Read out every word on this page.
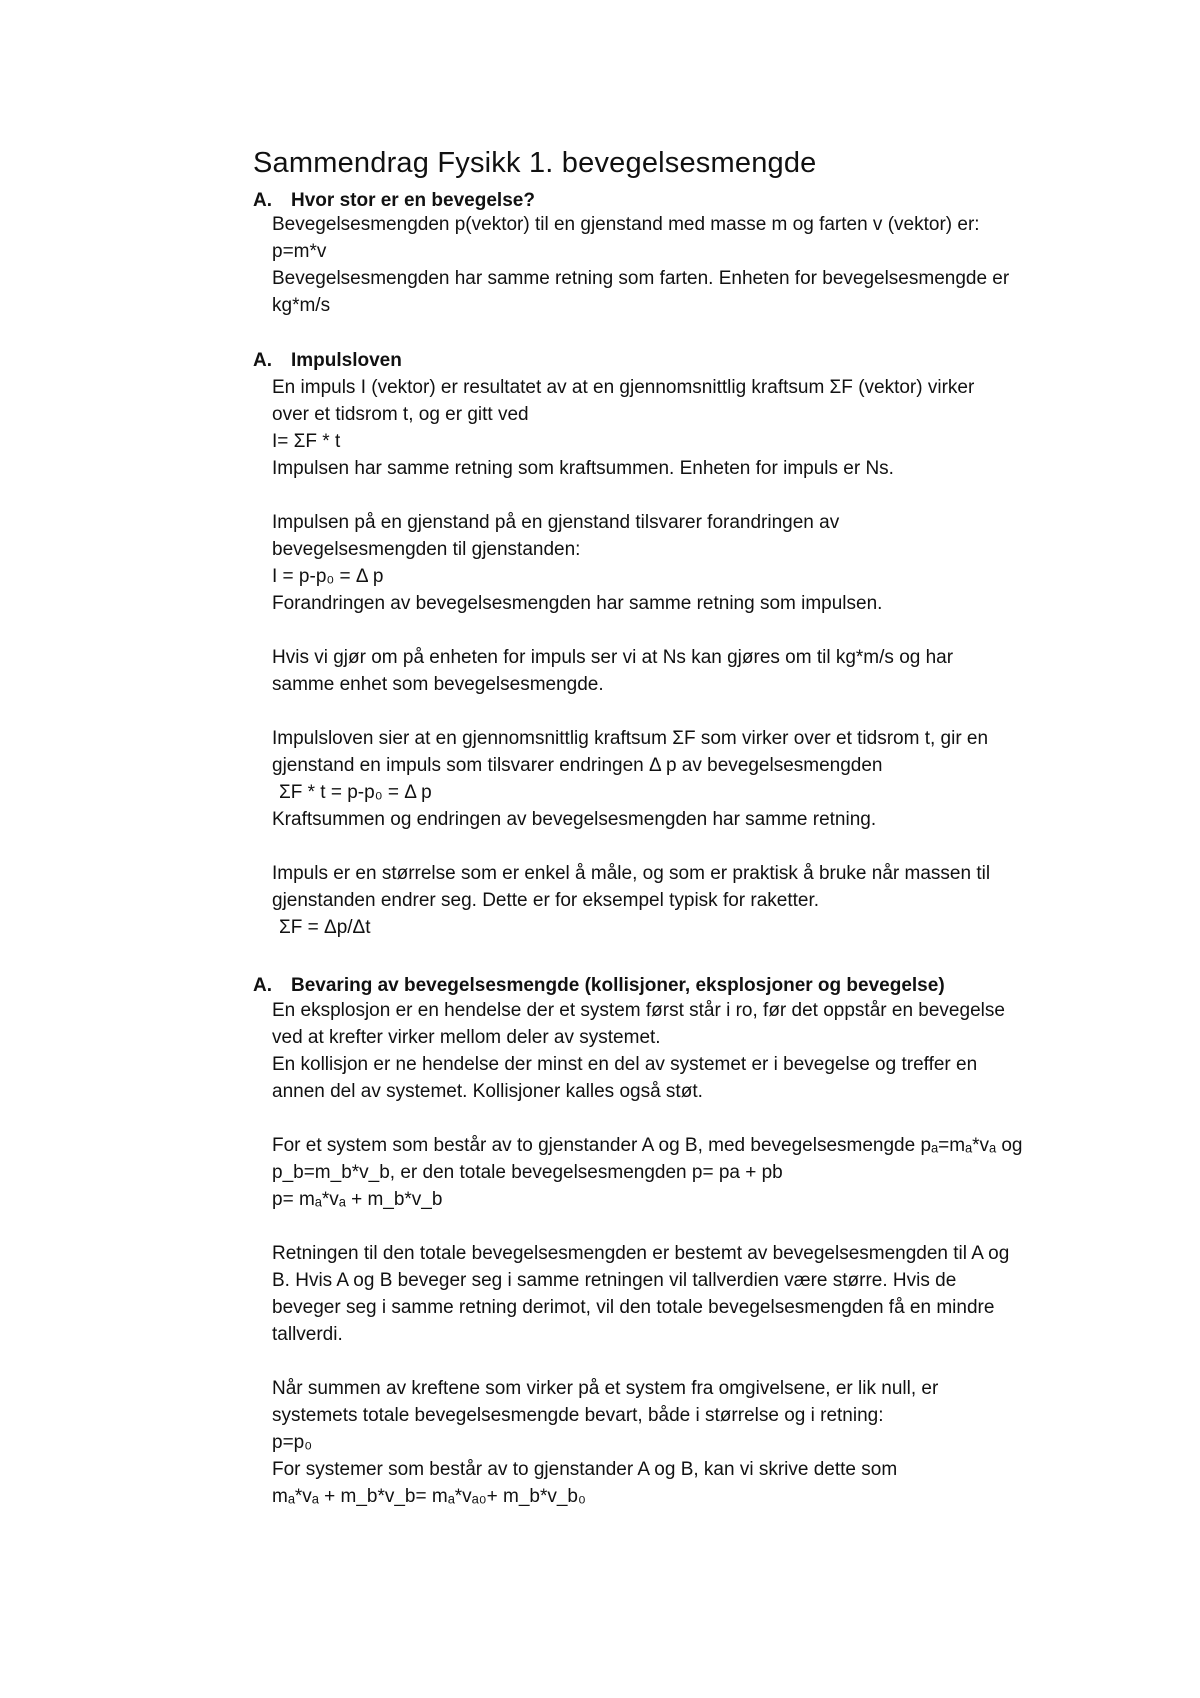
Sammendrag Fysikk 1. bevegelsesmengde
A. Hvor stor er en bevegelse?
Bevegelsesmengden p(vektor) til en gjenstand med masse m og farten v (vektor) er:
p=m*v
Bevegelsesmengden har samme retning som farten. Enheten for bevegelsesmengde er
kg*m/s
A. Impulsloven
En impuls I (vektor) er resultatet av at en gjennomsnittlig kraftsum ΣF (vektor) virker
over et tidsrom t, og er gitt ved
I= ΣF * t
Impulsen har samme retning som kraftsummen. Enheten for impuls er Ns.
Impulsen på en gjenstand på en gjenstand tilsvarer forandringen av
bevegelsesmengden til gjenstanden:
I = p-p₀ = Δ p
Forandringen av bevegelsesmengden har samme retning som impulsen.
Hvis vi gjør om på enheten for impuls ser vi at Ns kan gjøres om til kg*m/s og har
samme enhet som bevegelsesmengde.
Impulsloven sier at en gjennomsnittlig kraftsum ΣF som virker over et tidsrom t, gir en
gjenstand en impuls som tilsvarer endringen Δ p av bevegelsesmengden
ΣF * t = p-p₀ = Δ p
Kraftsummen og endringen av bevegelsesmengden har samme retning.
Impuls er en størrelse som er enkel å måle, og som er praktisk å bruke når massen til
gjenstanden endrer seg. Dette er for eksempel typisk for raketter.
ΣF = Δp/Δt
A. Bevaring av bevegelsesmengde (kollisjoner, eksplosjoner og bevegelse)
En eksplosjon er en hendelse der et system først står i ro, før det oppstår en bevegelse
ved at krefter virker mellom deler av systemet.
En kollisjon er ne hendelse der minst en del av systemet er i bevegelse og treffer en
annen del av systemet. Kollisjoner kalles også støt.
For et system som består av to gjenstander A og B, med bevegelsesmengde pₐ=mₐ*vₐ og
p_b=m_b*v_b, er den totale bevegelsesmengden p= pa + pb
p= mₐ*vₐ + m_b*v_b
Retningen til den totale bevegelsesmengden er bestemt av bevegelsesmengden til A og
B. Hvis A og B beveger seg i samme retningen vil tallverdien være større. Hvis de
beveger seg i samme retning derimot, vil den totale bevegelsesmengden få en mindre
tallverdi.
Når summen av kreftene som virker på et system fra omgivelsene, er lik null, er
systemets totale bevegelsesmengde bevart, både i størrelse og i retning:
p=p₀
For systemer som består av to gjenstander A og B, kan vi skrive dette som
mₐ*vₐ + m_b*v_b= mₐ*vₐ₀+ m_b*v_b₀
